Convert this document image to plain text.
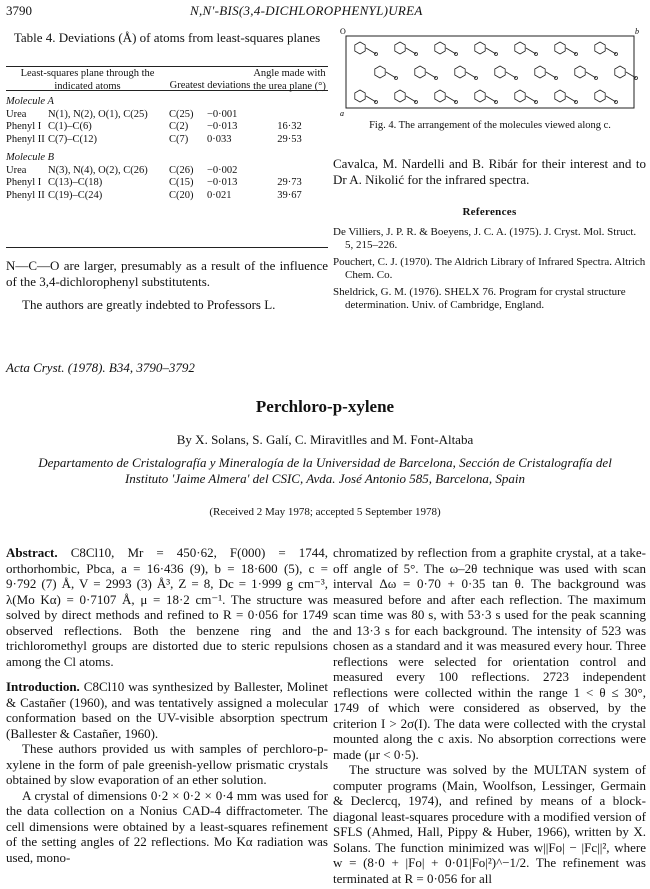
3790	N,N'-BIS(3,4-DICHLOROPHENYL)UREA
Table 4. Deviations (Å) of atoms from least-squares planes
Least-squares plane through the indicated atoms	Greatest deviations	Angle made with the urea plane (°)

Molecule A		
Urea N(1), N(2), O(1), C(25)	C(25) −0·001	
Phenyl I C(1)–C(6)	C(2) −0·013	16·32
Phenyl II C(7)–C(12)	C(7) 0·033	29·53

Molecule B		
Urea N(3), N(4), O(2), C(26)	C(26) −0·002	
Phenyl I C(13)–C(18)	C(15) −0·013	29·73
Phenyl II C(19)–C(24)	C(20) 0·021	39·67
N—C—O are larger, presumably as a result of the influence of the 3,4-dichlorophenyl substitutents.
The authors are greatly indebted to Professors L.
O	b
a
Fig. 4. The arrangement of the molecules viewed along c.
Cavalca, M. Nardelli and B. Ribár for their interest and to Dr A. Nikolić for the infrared spectra.
References
De Villiers, J. P. R. & Boeyens, J. C. A. (1975). J. Cryst. Mol. Struct. 5, 215–226.
Pouchert, C. J. (1970). The Aldrich Library of Infrared Spectra. Altrich Chem. Co.
Sheldrick, G. M. (1976). SHELX 76. Program for crystal structure determination. Univ. of Cambridge, England.
Acta Cryst. (1978). B34, 3790–3792
Perchloro-p-xylene
By X. Solans, S. Galí, C. Miravitlles and M. Font-Altaba
Departamento de Cristalografía y Mineralogía de la Universidad de Barcelona, Sección de Cristalografía del Instituto 'Jaime Almera' del CSIC, Avda. José Antonio 585, Barcelona, Spain
(Received 2 May 1978; accepted 5 September 1978)

Abstract. C8Cl10, Mr = 450·62, F(000) = 1744, orthorhombic, Pbca, a = 16·436 (9), b = 18·600 (5), c = 9·792 (7) Å, V = 2993 (3) Å³, Z = 8, Dc = 1·999 g cm⁻³, λ(Mo Kα) = 0·7107 Å, μ = 18·2 cm⁻¹. The structure was solved by direct methods and refined to R = 0·056 for 1749 observed reflections. Both the benzene ring and the trichloromethyl groups are distorted due to steric repulsions among the Cl atoms.

Introduction. C8Cl10 was synthesized by Ballester, Molinet & Castañer (1960), and was tentatively assigned a molecular conformation based on the UV-visible absorption spectrum (Ballester & Castañer, 1960).

These authors provided us with samples of perchloro-p-xylene in the form of pale greenish-yellow prismatic crystals obtained by slow evaporation of an ether solution.

A crystal of dimensions 0·2 × 0·2 × 0·4 mm was used for the data collection on a Nonius CAD-4 diffractometer. The cell dimensions were obtained by a least-squares refinement of the setting angles of 22 reflections. Mo Kα radiation was used, mono-

chromatized by reflection from a graphite crystal, at a take-off angle of 5°. The ω–2θ technique was used with scan interval Δω = 0·70 + 0·35 tan θ. The background was measured before and after each reflection. The maximum scan time was 80 s, with 53·3 s used for the peak scanning and 13·3 s for each background. The intensity of 523 was chosen as a standard and it was measured every hour. Three reflections were selected for orientation control and measured every 100 reflections. 2723 independent reflections were collected within the range 1 < θ ≤ 30°, 1749 of which were considered as observed, by the criterion I > 2σ(I). The data were collected with the crystal mounted along the c axis. No absorption corrections were made (μr < 0·5).

The structure was solved by the MULTAN system of computer programs (Main, Woolfson, Lessinger, Germain & Declercq, 1974), and refined by means of a block-diagonal least-squares procedure with a modified version of SFLS (Ahmed, Hall, Pippy & Huber, 1966), written by X. Solans. The function minimized was w||Fo| − |Fc||², where w = (8·0 + |Fo| + 0·01|Fo|²)^−1/2. The refinement was terminated at R = 0·056 for all
